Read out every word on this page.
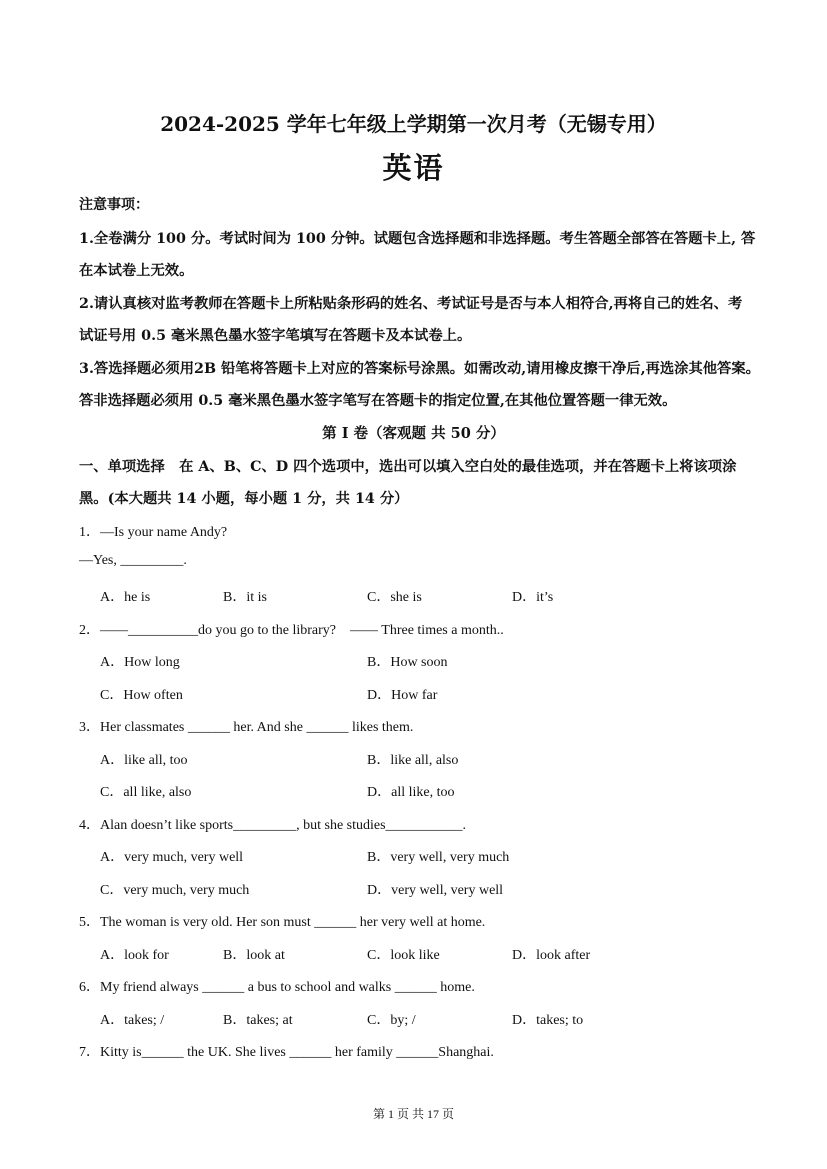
2024-2025 学年七年级上学期第一次月考（无锡专用）
英语
注意事项：
1.全卷满分 100 分。考试时间为 100 分钟。试题包含选择题和非选择题。考生答题全部答在答题卡上, 答
在本试卷上无效。
2.请认真核对监考教师在答题卡上所粘贴条形码的姓名、考试证号是否与本人相符合,再将自己的姓名、考
试证号用 0.5 毫米黑色墨水签字笔填写在答题卡及本试卷上。
3.答选择题必须用2B 铅笔将答题卡上对应的答案标号涂黑。如需改动,请用橡皮擦干净后,再选涂其他答案。
答非选择题必须用 0.5 毫米黑色墨水签字笔写在答题卡的指定位置,在其他位置答题一律无效。
第 I 卷（客观题 共 50 分）
一、单项选择　在 A、B、C、D 四个选项中，选出可以填入空白处的最佳选项，并在答题卡上将该项涂
黑。(本大题共 14 小题，每小题 1 分，共 14 分）
1．—Is your name Andy?
—Yes, _________.
A．he is	B．it is	C．she is	D．it’s
2．——__________do you go to the library?　—— Three times a month..
A．How long	B．How soon
C．How often	D．How far
3．Her classmates ______ her. And she ______ likes them.
A．like all, too	B．like all, also
C．all like, also	D．all like, too
4．Alan doesn’t like sports_________, but she studies___________.
A．very much, very well	B．very well, very much
C．very much, very much	D．very well, very well
5．The woman is very old. Her son must ______ her very well at home.
A．look for	B．look at	C．look like	D．look after
6．My friend always ______ a bus to school and walks ______ home.
A．takes; /	B．takes; at	C．by; /	D．takes; to
7．Kitty is______ the UK. She lives ______ her family ______Shanghai.
第 1 页 共 17 页
